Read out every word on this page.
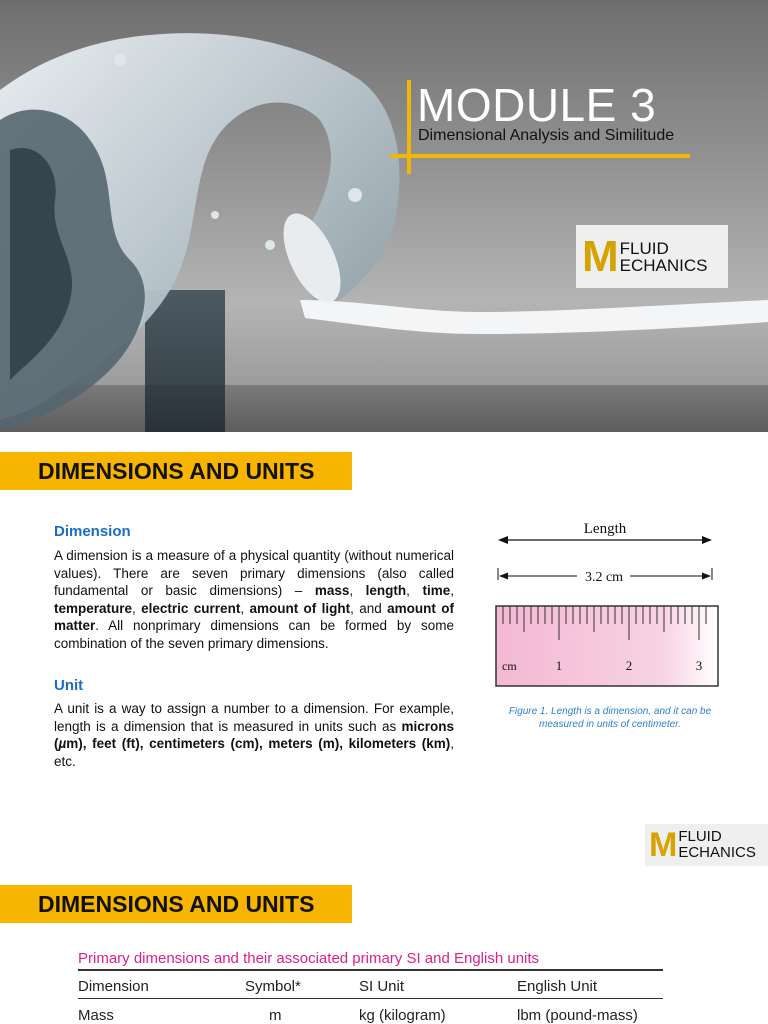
MODULE 3
Dimensional Analysis and Similitude
M FLUID
ECHANICS
DIMENSIONS AND UNITS
Dimension
A dimension is a measure of a physical quantity (without numerical values). There are seven primary dimensions (also called fundamental or basic dimensions) – mass, length, time, temperature, electric current, amount of light, and amount of matter. All nonprimary dimensions can be formed by some combination of the seven primary dimensions.
Unit
A unit is a way to assign a number to a dimension. For example, length is a dimension that is measured in units such as microns (µm), feet (ft), centimeters (cm), meters (m), kilometers (km), etc.
Length
3.2 cm
cm	1	2	3
Figure 1. Length is a dimension, and it can be measured in units of centimeter.
M FLUID
ECHANICS
DIMENSIONS AND UNITS
Primary dimensions and their associated primary SI and English units
Dimension	Symbol*	SI Unit	English Unit
Mass	m	kg (kilogram)	lbm (pound-mass)
